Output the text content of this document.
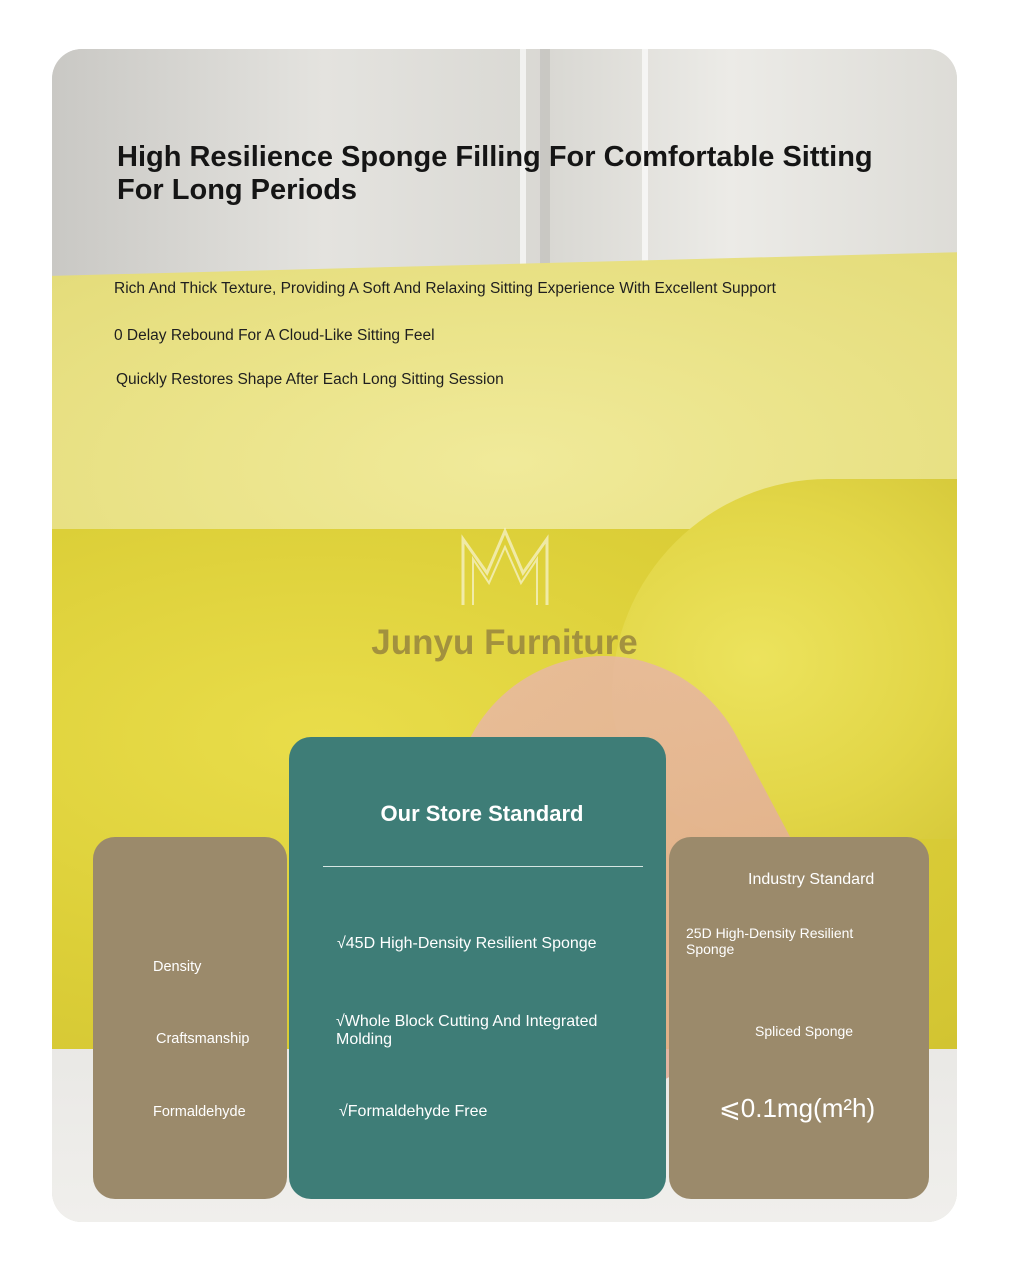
High Resilience Sponge Filling For Comfortable Sitting For Long Periods

Rich And Thick Texture, Providing A Soft And Relaxing Sitting Experience With Excellent Support

0 Delay Rebound For A Cloud-Like Sitting Feel

Quickly Restores Shape After Each Long Sitting Session

Junyu Furniture

Density

Craftsmanship

Formaldehyde

Our Store Standard

√45D High-Density Resilient Sponge

√Whole Block Cutting And Integrated Molding

√Formaldehyde Free

Industry Standard

25D High-Density Resilient Sponge

Spliced Sponge

⩽0.1mg(m²h)
